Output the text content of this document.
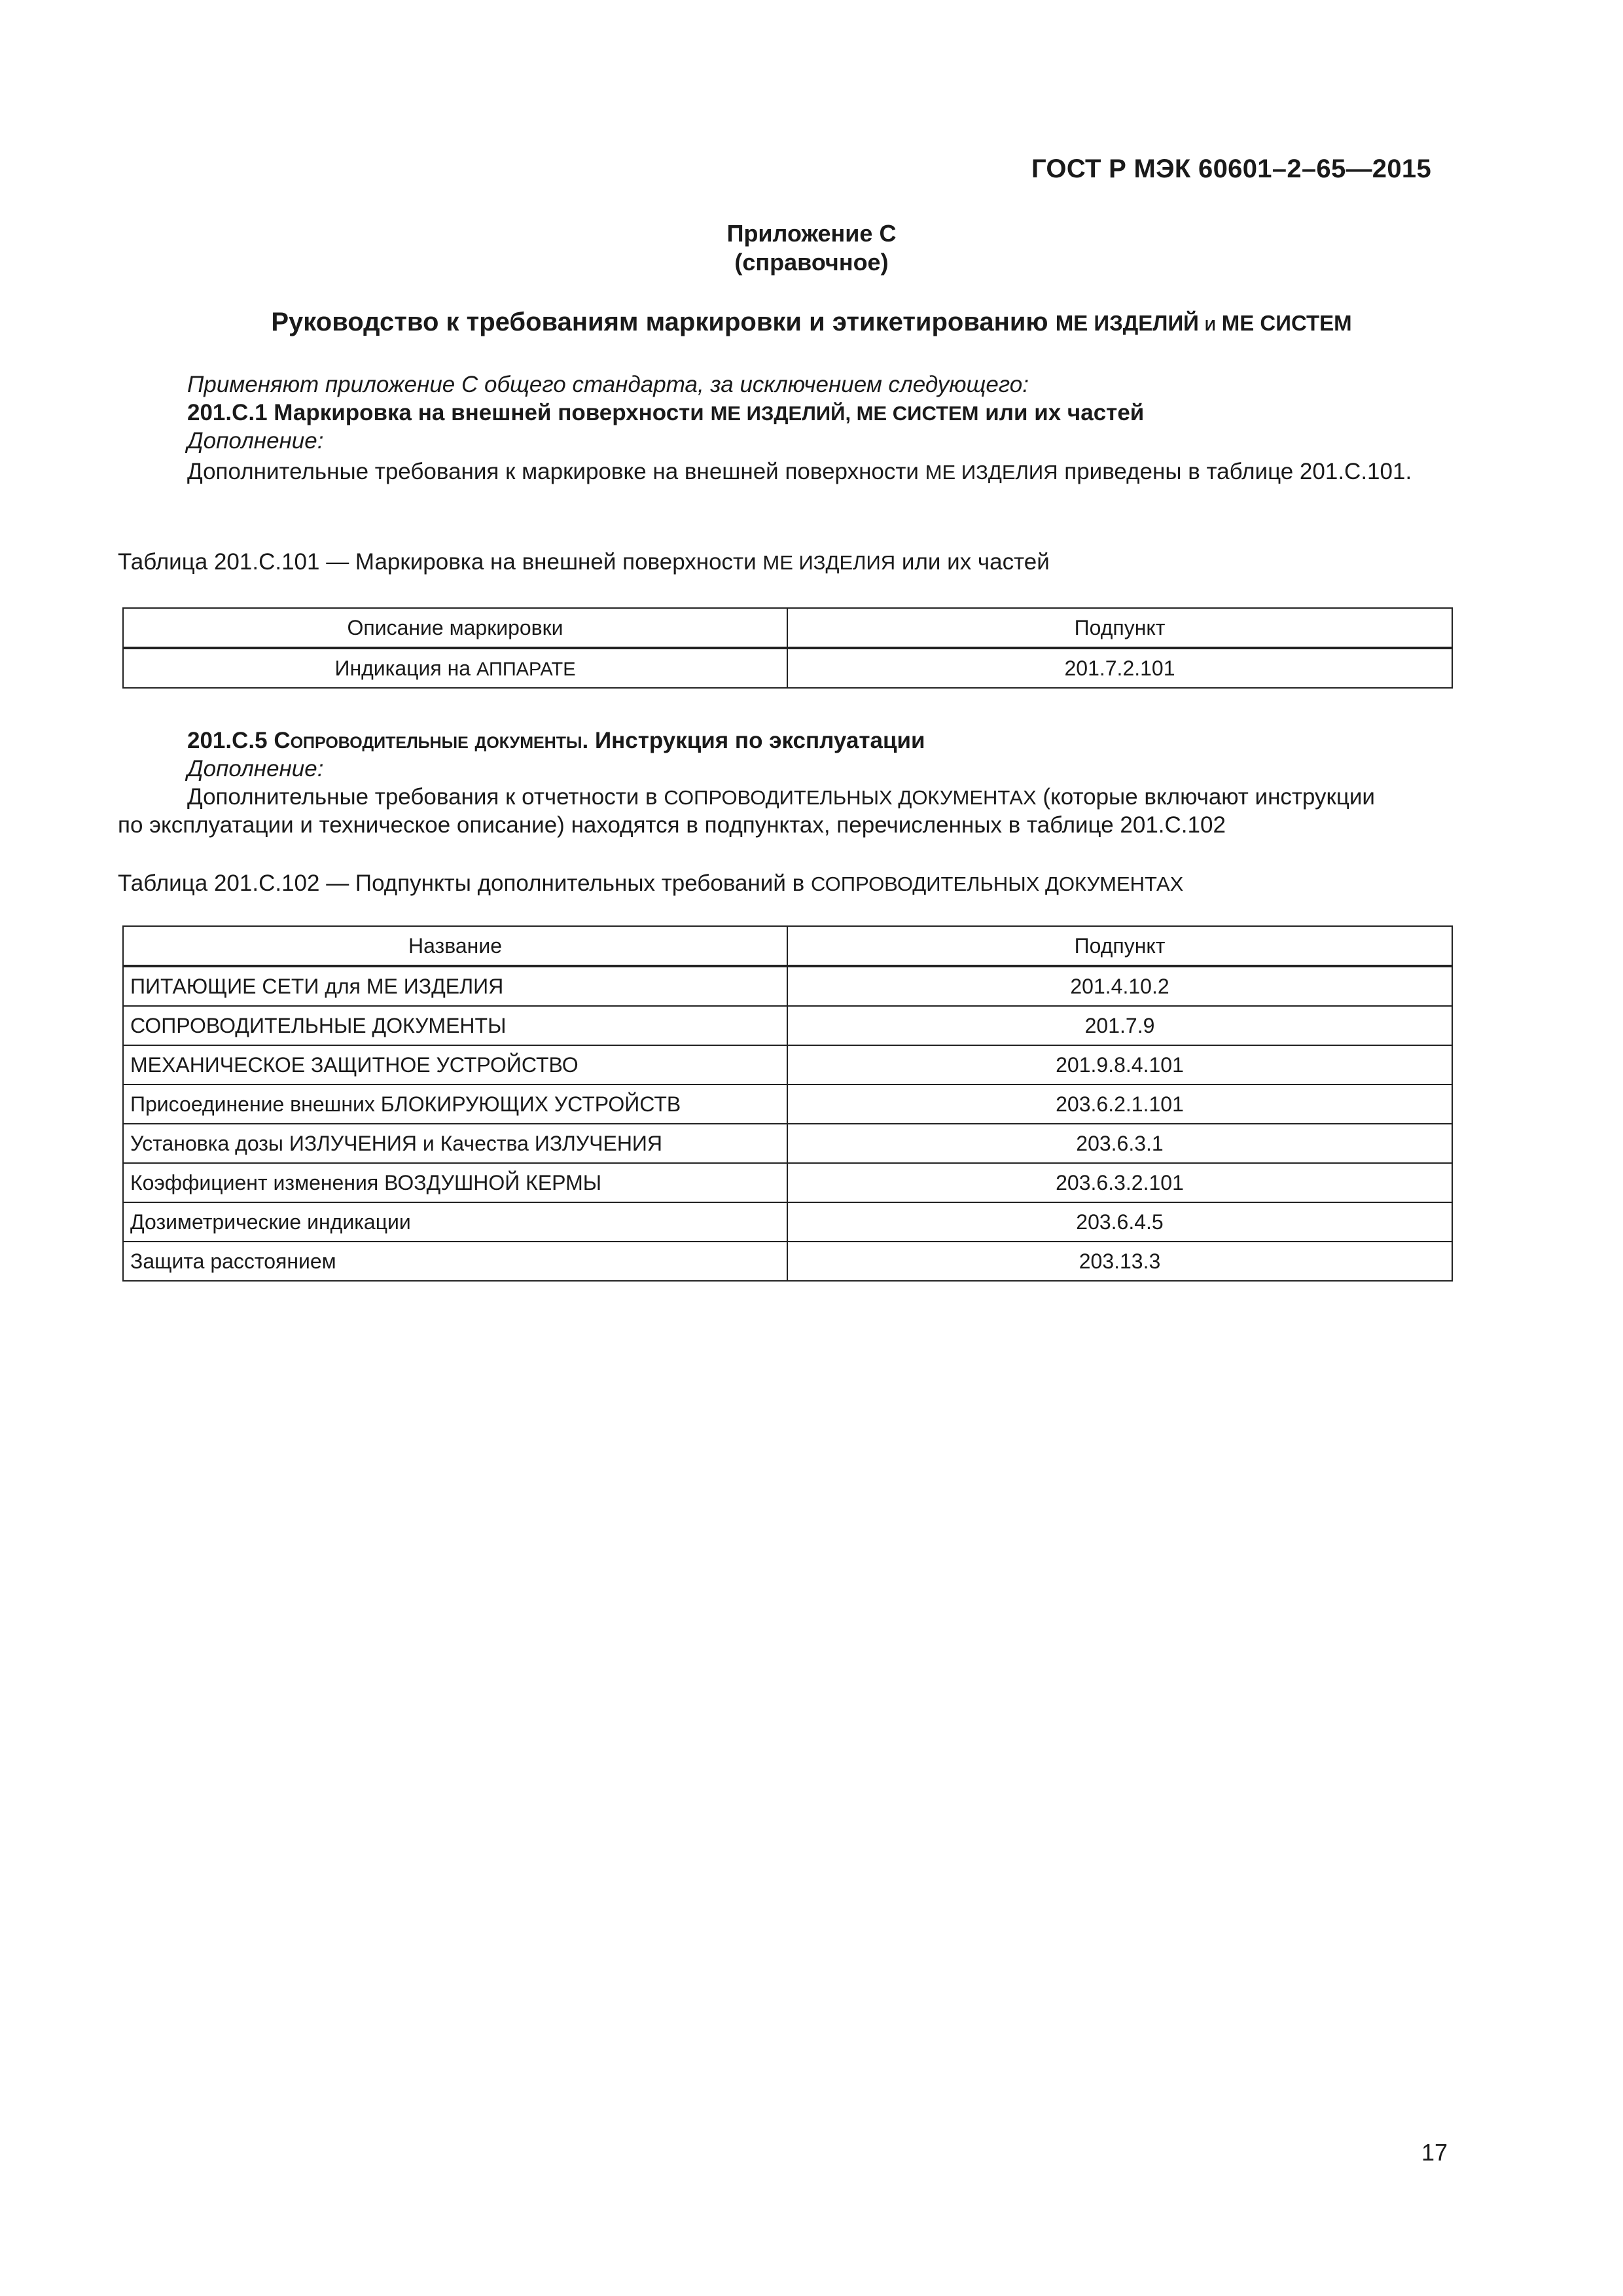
ГОСТ Р МЭК 60601–2–65—2015
Приложение С
(справочное)
Руководство к требованиям маркировки и этикетированию МЕ ИЗДЕЛИЙ и МЕ СИСТЕМ
Применяют приложение С общего стандарта, за исключением следующего:
201.С.1 Маркировка на внешней поверхности МЕ ИЗДЕЛИЙ, МЕ СИСТЕМ или их частей
Дополнение:
Дополнительные требования к маркировке на внешней поверхности МЕ ИЗДЕЛИЯ приведены в таблице 201.С.101.
Таблица 201.С.101 — Маркировка на внешней поверхности МЕ ИЗДЕЛИЯ или их частей
Описание маркировки	Подпункт
Индикация на АППАРАТЕ	201.7.2.101
201.С.5 Сопроводительные документы. Инструкция по эксплуатации
Дополнение:
Дополнительные требования к отчетности в СОПРОВОДИТЕЛЬНЫХ ДОКУМЕНТАХ (которые включают инструкции
по эксплуатации и техническое описание) находятся в подпунктах, перечисленных в таблице 201.С.102
Таблица 201.С.102 — Подпункты дополнительных требований в СОПРОВОДИТЕЛЬНЫХ ДОКУМЕНТАХ
Название	Подпункт
ПИТАЮЩИЕ СЕТИ для МЕ ИЗДЕЛИЯ	201.4.10.2
СОПРОВОДИТЕЛЬНЫЕ ДОКУМЕНТЫ	201.7.9
МЕХАНИЧЕСКОЕ ЗАЩИТНОЕ УСТРОЙСТВО	201.9.8.4.101
Присоединение внешних БЛОКИРУЮЩИХ УСТРОЙСТВ	203.6.2.1.101
Установка дозы ИЗЛУЧЕНИЯ и Качества ИЗЛУЧЕНИЯ	203.6.3.1
Коэффициент изменения ВОЗДУШНОЙ КЕРМЫ	203.6.3.2.101
Дозиметрические индикации	203.6.4.5
Защита расстоянием	203.13.3
17
